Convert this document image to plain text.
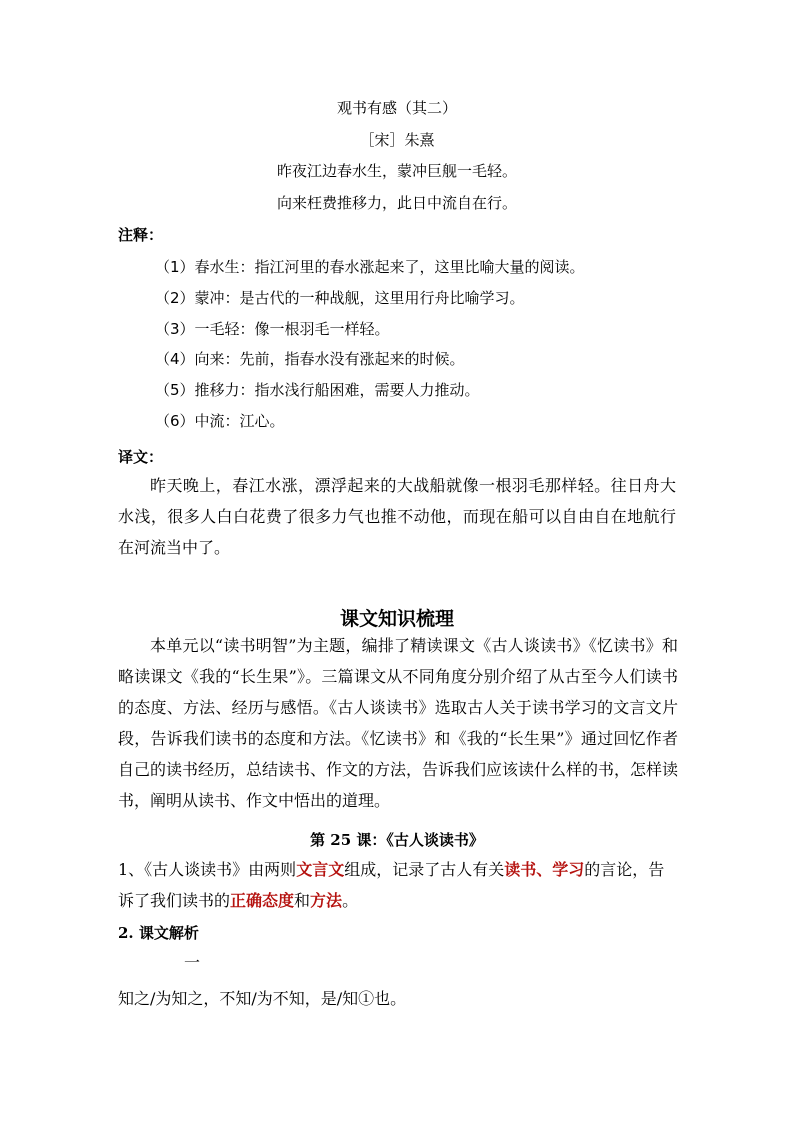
观书有感（其二）
［宋］朱熹
昨夜江边春水生，蒙冲巨舰一毛轻。
向来枉费推移力，此日中流自在行。
注释：
（1）春水生：指江河里的春水涨起来了，这里比喻大量的阅读。
（2）蒙冲：是古代的一种战舰，这里用行舟比喻学习。
（3）一毛轻：像一根羽毛一样轻。
（4）向来：先前，指春水没有涨起来的时候。
（5）推移力：指水浅行船困难，需要人力推动。
（6）中流：江心。
译文：
昨天晚上，春江水涨，漂浮起来的大战船就像一根羽毛那样轻。往日舟大水浅，很多人白白花费了很多力气也推不动他，而现在船可以自由自在地航行在河流当中了。
课文知识梳理
本单元以“读书明智”为主题，编排了精读课文《古人谈读书》《忆读书》和略读课文《我的“长生果”》。三篇课文从不同角度分别介绍了从古至今人们读书的态度、方法、经历与感悟。《古人谈读书》选取古人关于读书学习的文言文片段，告诉我们读书的态度和方法。《忆读书》和《我的“长生果”》通过回忆作者自己的读书经历，总结读书、作文的方法，告诉我们应该读什么样的书，怎样读书，阐明从读书、作文中悟出的道理。
第 25 课：《古人谈读书》
1、《古人谈读书》由两则文言文组成，记录了古人有关读书、学习的言论，告诉了我们读书的正确态度和方法。
2. 课文解析
一
知之/为知之，不知/为不知，是/知①也。
